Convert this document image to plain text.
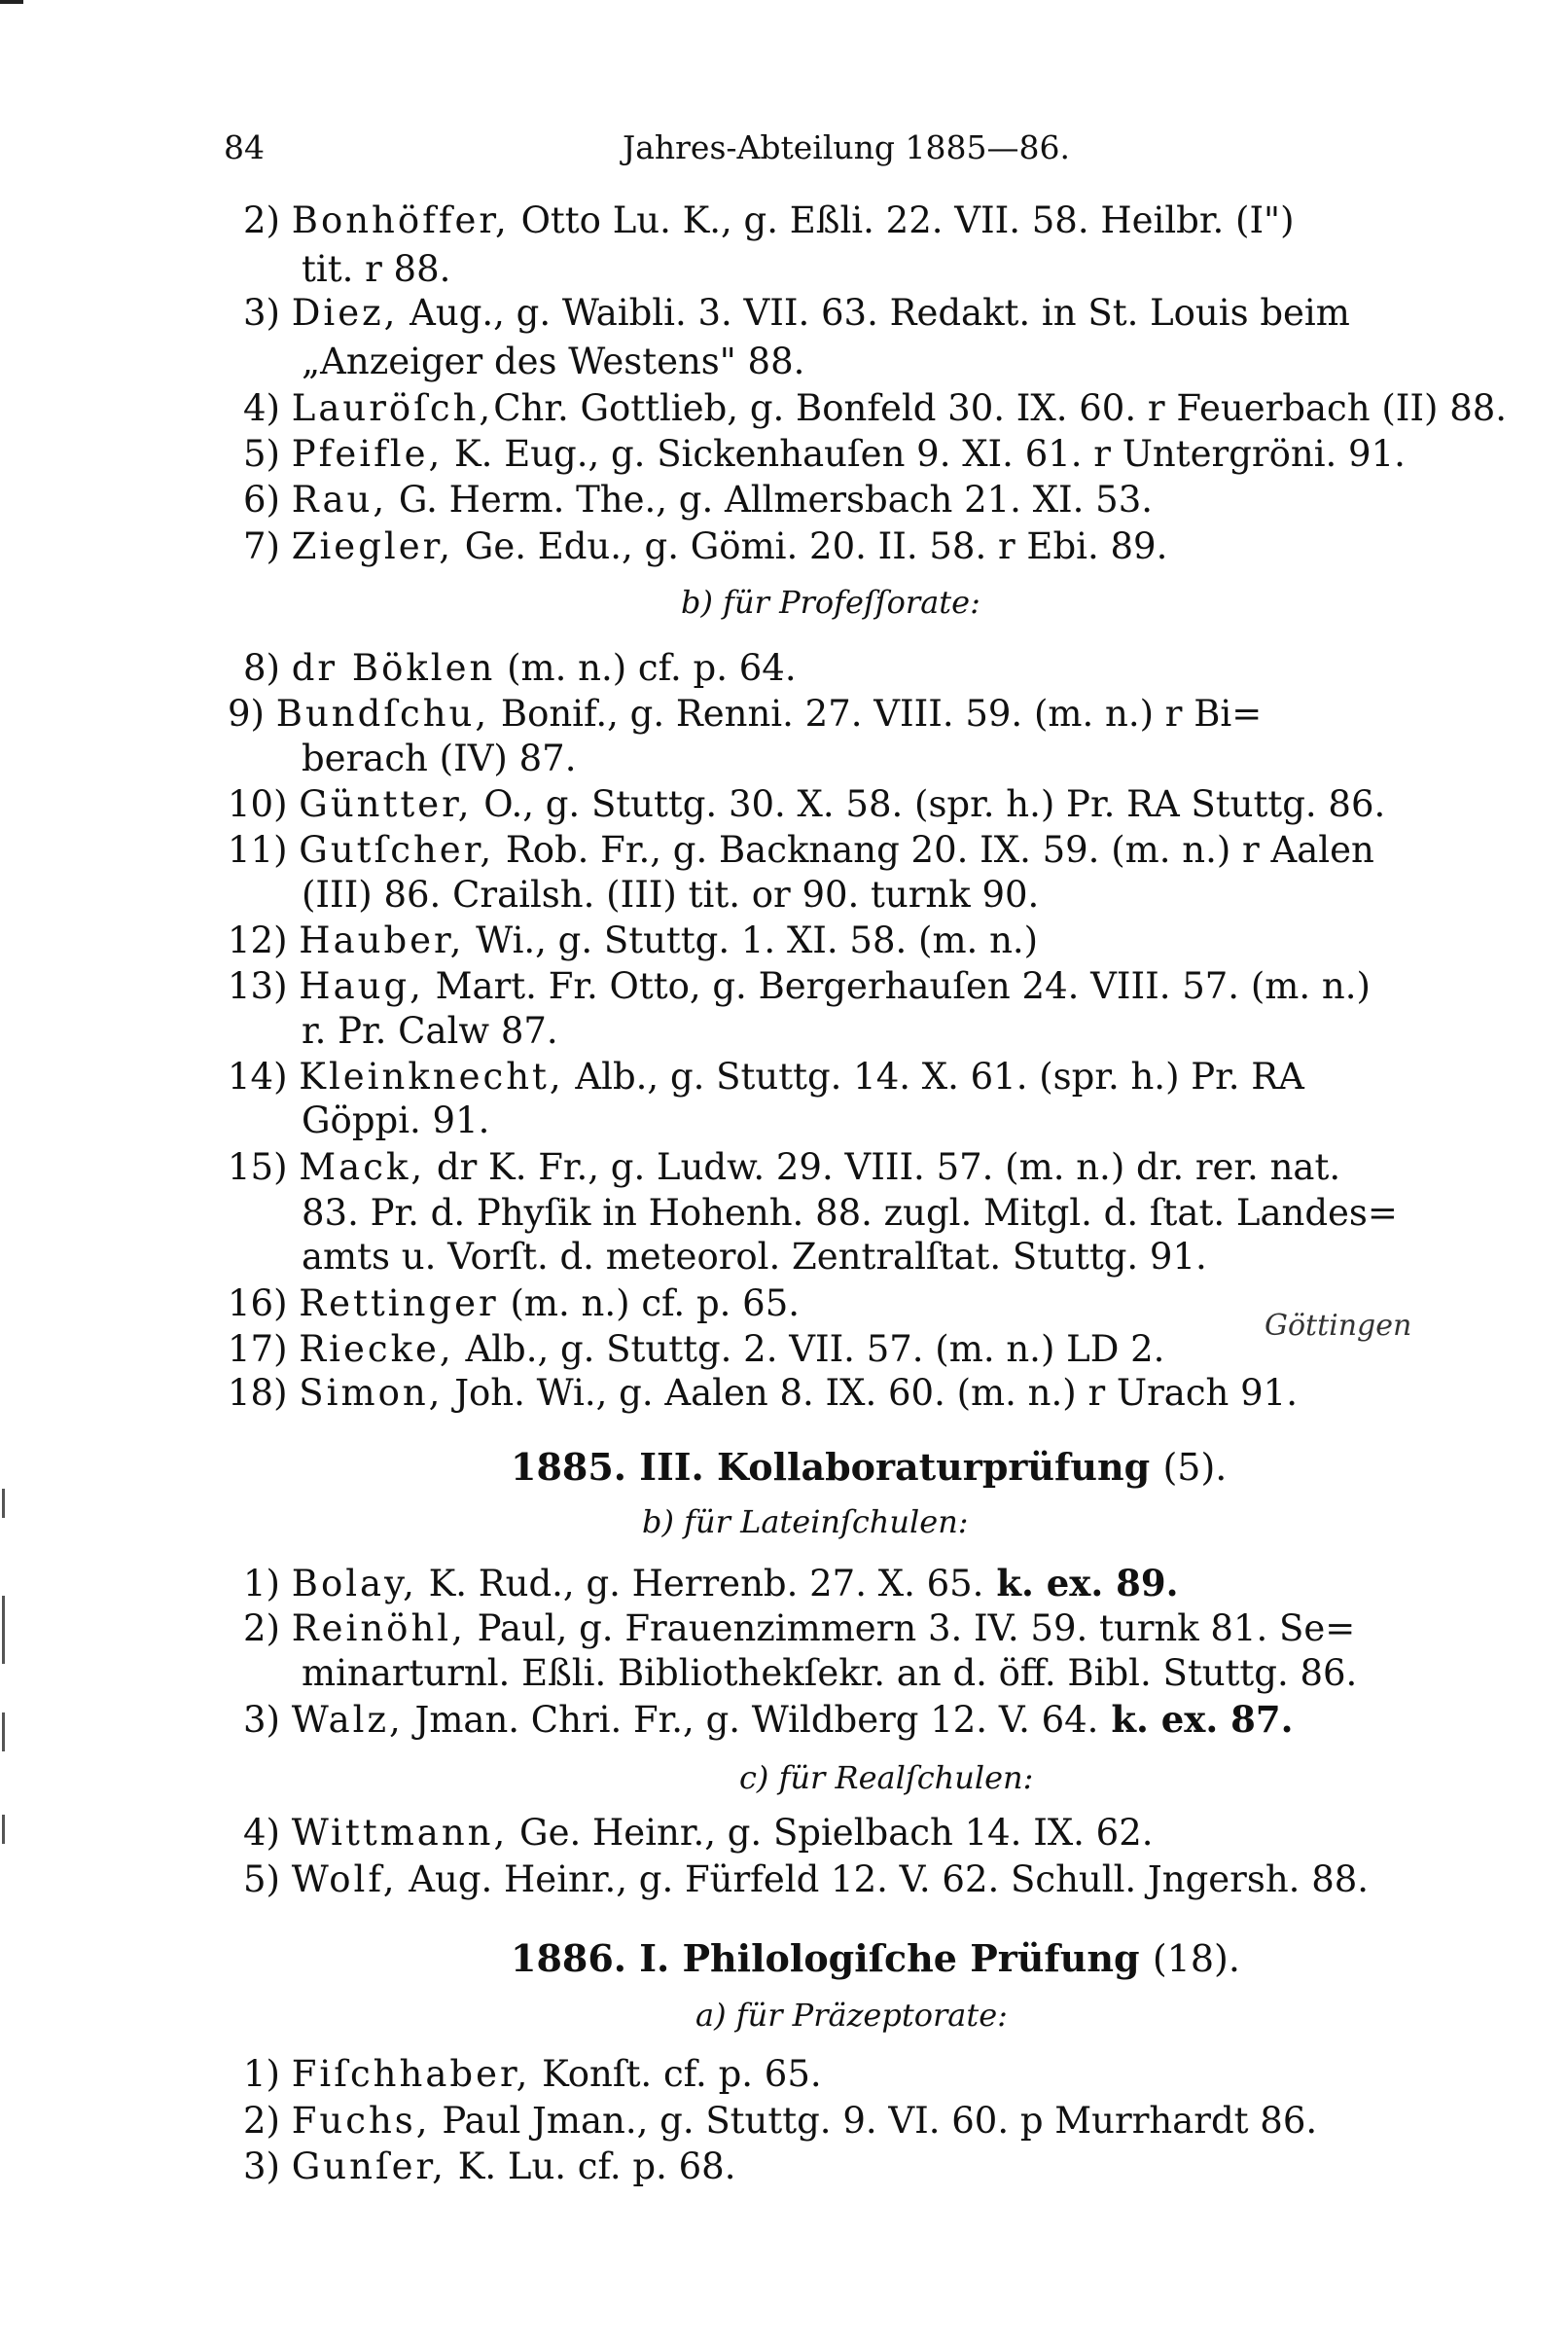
84	Jahres-Abteilung 1885—86.
2) Bonhöffer, Otto Lu. K., g. Eßli. 22. VII. 58. Heilbr. (I")
tit. r 88.
3) Diez, Aug., g. Waibli. 3. VII. 63. Redakt. in St. Louis beim
„Anzeiger des Westens" 88.
4) Lauröſch,Chr. Gottlieb, g. Bonfeld 30. IX. 60. r Feuerbach (II) 88.
5) Pfeifle, K. Eug., g. Sickenhauſen 9. XI. 61. r Untergröni. 91.
6) Rau, G. Herm. The., g. Allmersbach 21. XI. 53.
7) Ziegler, Ge. Edu., g. Gömi. 20. II. 58. r Ebi. 89.
b) für Profeſſorate:
8) dr Böklen (m. n.) cf. p. 64.
9) Bundſchu, Bonif., g. Renni. 27. VIII. 59. (m. n.) r Bi=
berach (IV) 87.
10) Güntter, O., g. Stuttg. 30. X. 58. (spr. h.) Pr. RA Stuttg. 86.
11) Gutſcher, Rob. Fr., g. Backnang 20. IX. 59. (m. n.) r Aalen
(III) 86. Crailsh. (III) tit. or 90. turnk 90.
12) Hauber, Wi., g. Stuttg. 1. XI. 58. (m. n.)
13) Haug, Mart. Fr. Otto, g. Bergerhauſen 24. VIII. 57. (m. n.)
r. Pr. Calw 87.
14) Kleinknecht, Alb., g. Stuttg. 14. X. 61. (spr. h.) Pr. RA
Göppi. 91.
15) Mack, dr K. Fr., g. Ludw. 29. VIII. 57. (m. n.) dr. rer. nat.
83. Pr. d. Phyſik in Hohenh. 88. zugl. Mitgl. d. ſtat. Landes=
amts u. Vorſt. d. meteorol. Zentralſtat. Stuttg. 91.
16) Rettinger (m. n.) cf. p. 65.
17) Riecke, Alb., g. Stuttg. 2. VII. 57. (m. n.) LD 2.
Göttingen
18) Simon, Joh. Wi., g. Aalen 8. IX. 60. (m. n.) r Urach 91.
1885. III. Kollaboraturprüfung (5).
b) für Lateinſchulen:
1) Bolay, K. Rud., g. Herrenb. 27. X. 65. k. ex. 89.
2) Reinöhl, Paul, g. Frauenzimmern 3. IV. 59. turnk 81. Se=
minarturnl. Eßli. Bibliothekſekr. an d. öff. Bibl. Stuttg. 86.
3) Walz, Jman. Chri. Fr., g. Wildberg 12. V. 64. k. ex. 87.
c) für Realſchulen:
4) Wittmann, Ge. Heinr., g. Spielbach 14. IX. 62.
5) Wolf, Aug. Heinr., g. Fürfeld 12. V. 62. Schull. Jngersh. 88.
1886. I. Philologiſche Prüfung (18).
a) für Präzeptorate:
1) Fiſchhaber, Konſt. cf. p. 65.
2) Fuchs, Paul Jman., g. Stuttg. 9. VI. 60. p Murrhardt 86.
3) Gunſer, K. Lu. cf. p. 68.
